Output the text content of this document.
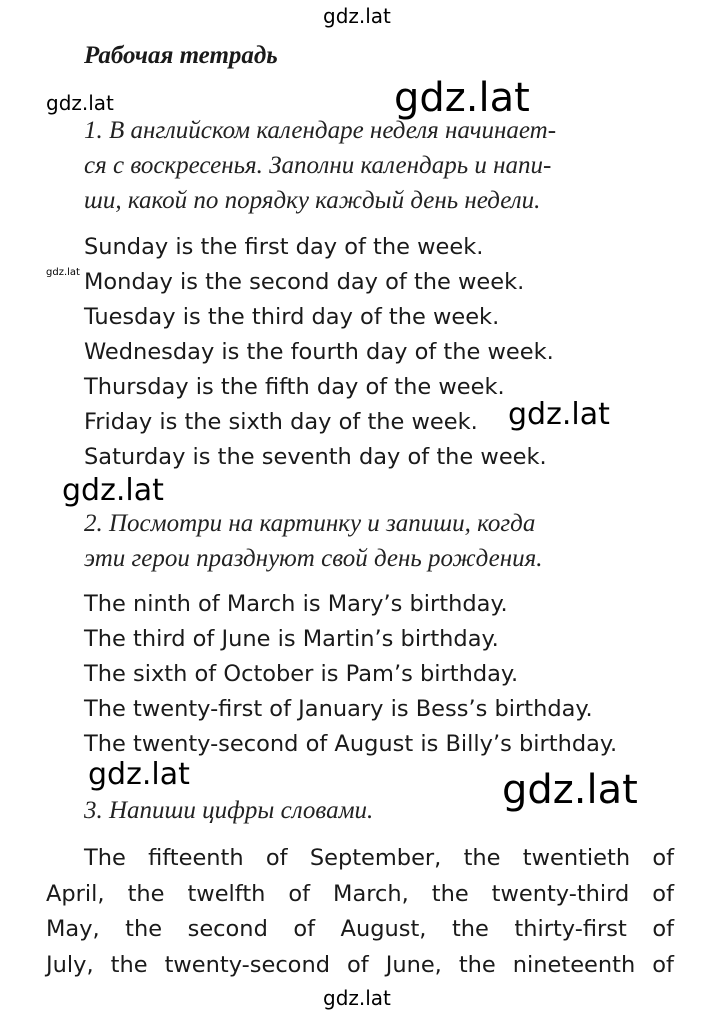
gdz.lat
gdz.lat	gdz.lat
gdz.lat
gdz.lat
gdz.lat
gdz.lat	gdz.lat
gdz.lat
Рабочая тетрадь
1. В английском календаре неделя начинает-
ся с воскресенья. Заполни календарь и напи-
ши, какой по порядку каждый день недели.
Sunday is the first day of the week.
Monday is the second day of the week.
Tuesday is the third day of the week.
Wednesday is the fourth day of the week.
Thursday is the fifth day of the week.
Friday is the sixth day of the week.
Saturday is the seventh day of the week.
2. Посмотри на картинку и запиши, когда
эти герои празднуют свой день рождения.
The ninth of March is Mary’s birthday.
The third of June is Martin’s birthday.
The sixth of October is Pam’s birthday.
The twenty-first of January is Bess’s birthday.
The twenty-second of August is Billy’s birthday.
3. Напиши цифры словами.
The fifteenth of September, the twentieth of
April, the twelfth of March, the twenty-third of
May, the second of August, the thirty-first of
July, the twenty-second of June, the nineteenth of
